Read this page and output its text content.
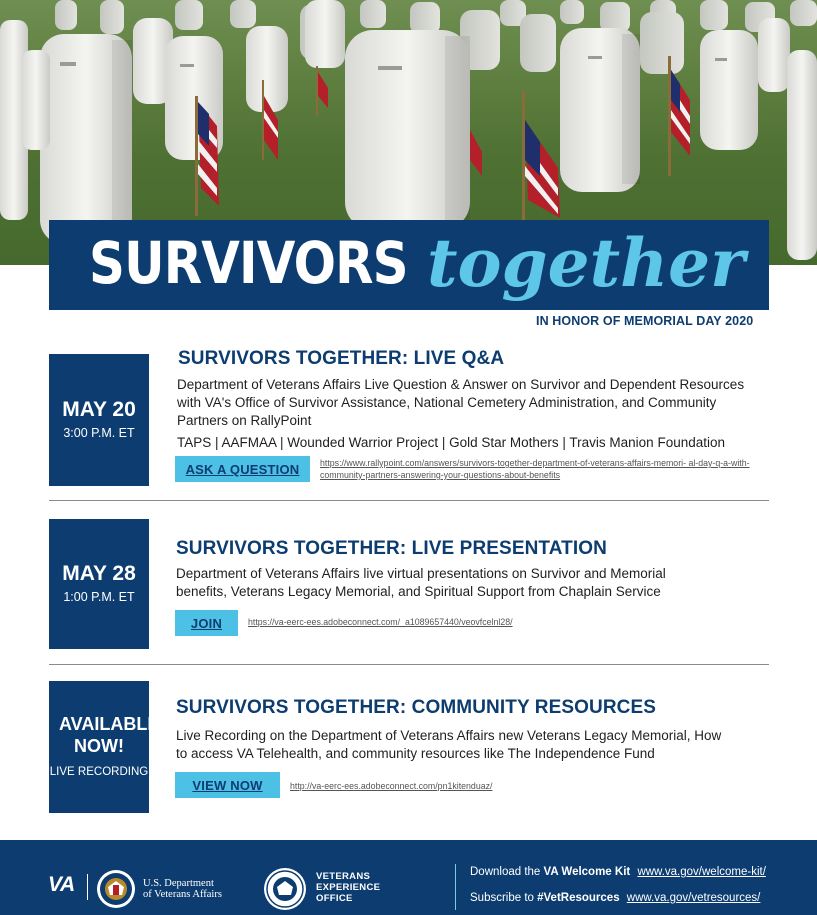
SURVIVORS together
IN HONOR OF MEMORIAL DAY 2020
MAY 20
3:00 P.M. ET
SURVIVORS TOGETHER: LIVE Q&A
Department of Veterans Affairs Live Question & Answer on Survivor and Dependent Resources with VA's Office of Survivor Assistance, National Cemetery Administration, and Community Partners on RallyPoint
TAPS | AAFMAA | Wounded Warrior Project | Gold Star Mothers | Travis Manion Foundation
ASK A QUESTION	https://www.rallypoint.com/answers/survivors-together-department-of-veterans-affairs-memori- al-day-q-a-with-community-partners-answering-your-questions-about-benefits
MAY 28
1:00 P.M. ET
SURVIVORS TOGETHER: LIVE PRESENTATION
Department of Veterans Affairs live virtual presentations on Survivor and Memorial benefits, Veterans Legacy Memorial, and Spiritual Support from Chaplain Service
JOIN	https://va-eerc-ees.adobeconnect.com/_a1089657440/veovfcelnl28/
AVAILABLE NOW!
LIVE RECORDING
SURVIVORS TOGETHER: COMMUNITY RESOURCES
Live Recording on the Department of Veterans Affairs new Veterans Legacy Memorial, How to access VA Telehealth, and community resources like The Independence Fund
VIEW NOW	http://va-eerc-ees.adobeconnect.com/pn1kitenduaz/
VA	U.S. Department
of Veterans Affairs
VETERANS
EXPERIENCE
OFFICE
Download the VA Welcome Kit www.va.gov/welcome-kit/
Subscribe to #VetResources www.va.gov/vetresources/
